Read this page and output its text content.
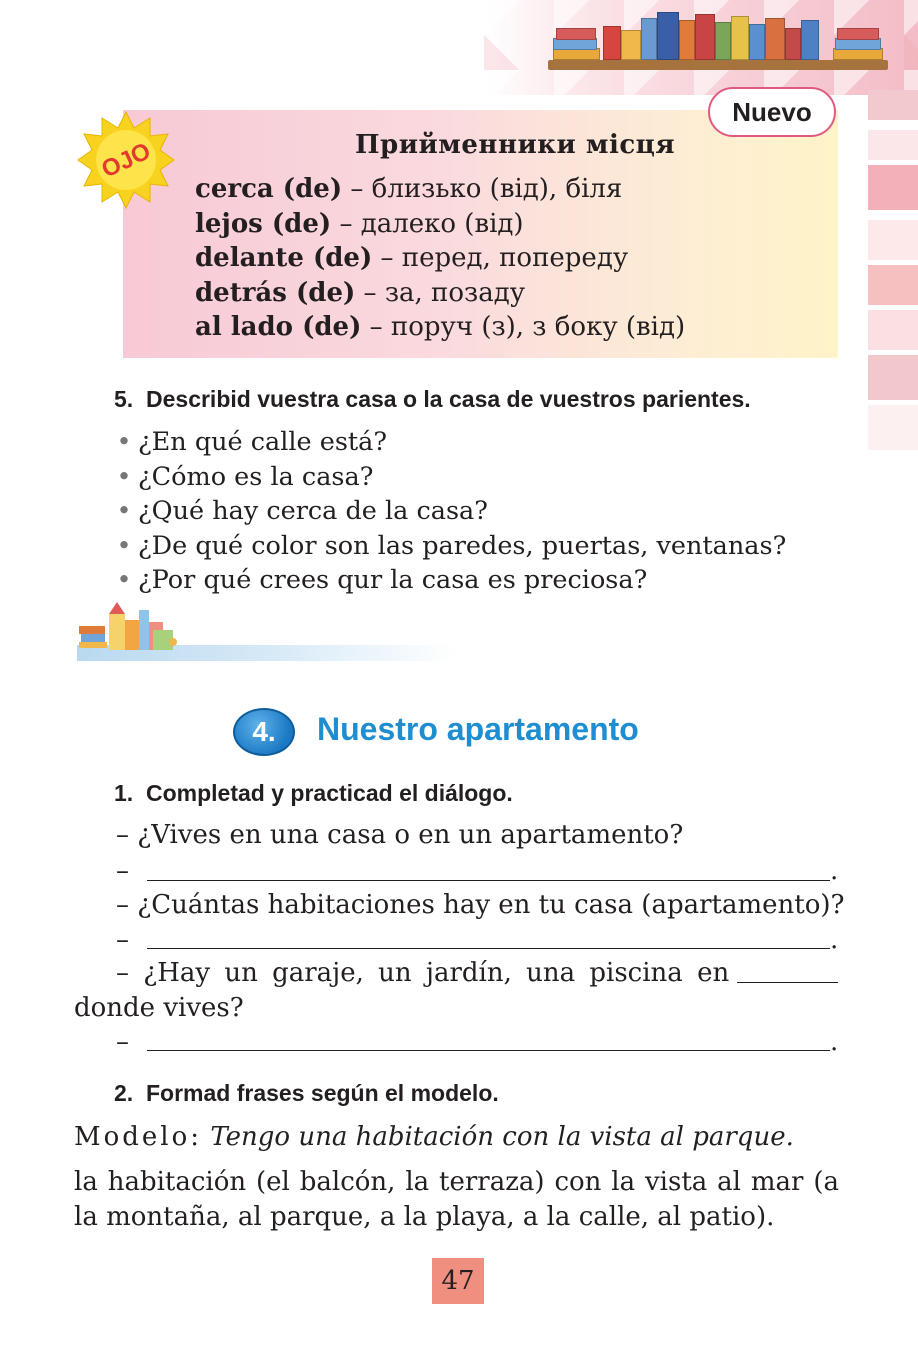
OJO
Nuevo
Прийменники місця
cerca (de) – близько (від), біля
lejos (de) – далеко (від)
delante (de) – перед, попереду
detrás (de) – за, позаду
al lado (de) – поруч (з), з боку (від)
5. Describid vuestra casa o la casa de vuestros parientes.
• ¿En qué calle está?
• ¿Cómo es la casa?
• ¿Qué hay cerca de la casa?
• ¿De qué color son las paredes, puertas, ventanas?
• ¿Por qué crees qur la casa es preciosa?
4.	Nuestro apartamento
1. Completad y practicad el diálogo.
– ¿Vives en una casa o en un apartamento?
–	.
– ¿Cuántas habitaciones hay en tu casa (apartamento)?
–	.
– ¿Hay un garaje, un jardín, una piscina en
donde vives?
–	.
2. Formad frases según el modelo.
Modelo: Tengo una habitación con la vista al parque.
la habitación (el balcón, la terraza) con la vista al mar (a la montaña, al parque, a la playa, a la calle, al patio).
47
